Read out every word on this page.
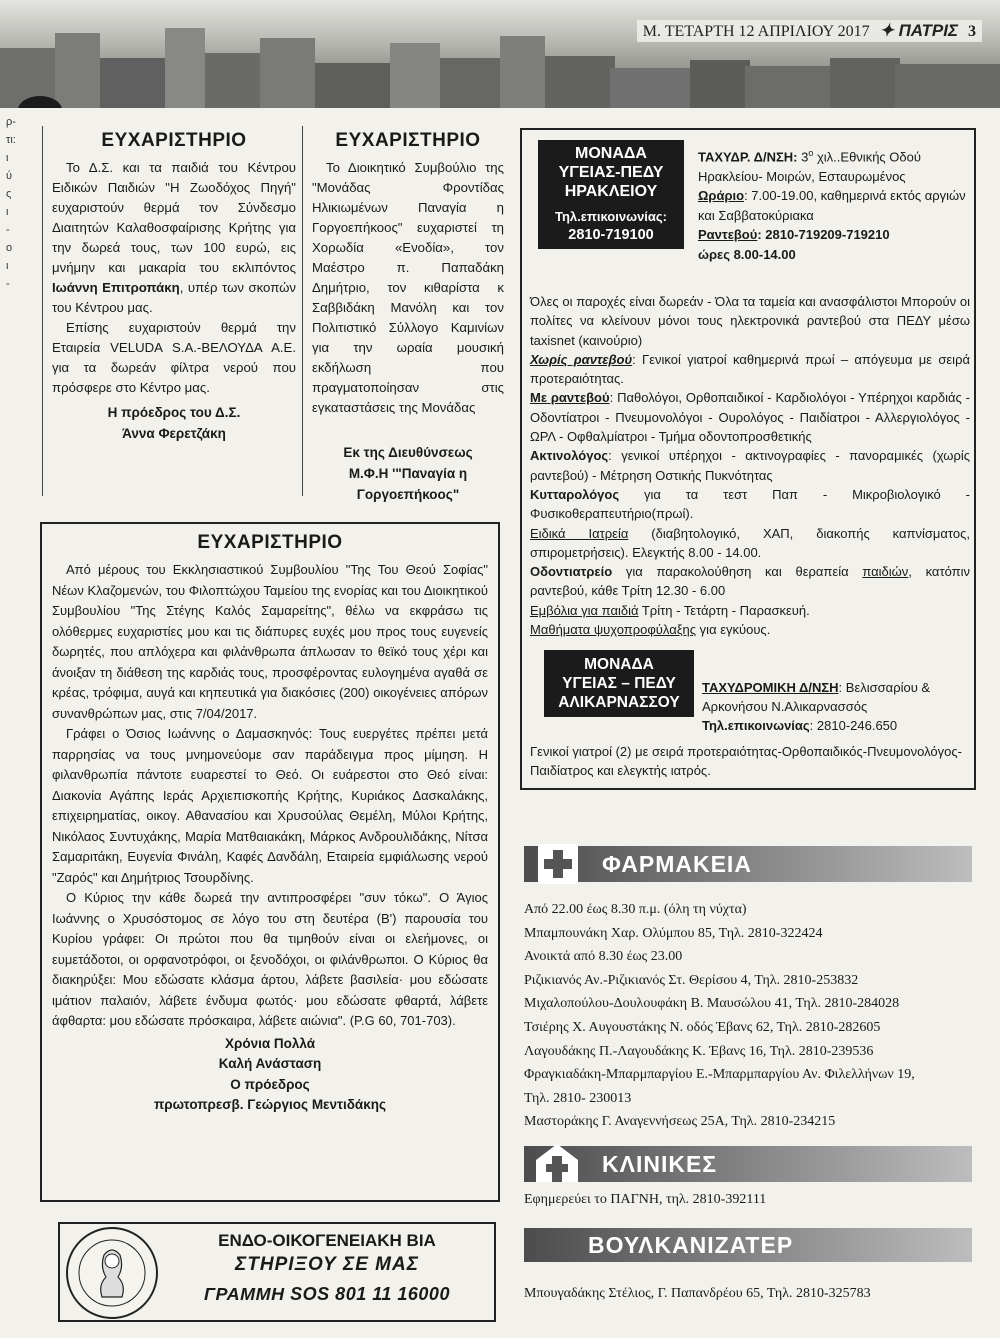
Μ. ΤΕΤΑΡΤΗ 12 ΑΠΡΙΛΙΟΥ 2017 ✦ ΠΑΤΡΙΣ 3
ρ-
τι:
ι
ύ
ς
ι
-
ο
ι
-
ΕΥΧΑΡΙΣΤΗΡΙΟ

Το Δ.Σ. και τα παιδιά του Κέντρου Ειδικών Παιδιών "Η Ζωοδόχος Πηγή" ευχαριστούν θερμά τον Σύνδεσμο Διαιτητών Καλαθοσφαίρισης Κρήτης για την δωρεά τους, των 100 ευρώ, εις μνήμην και μακαρία του εκλιπόντος Ιωάννη Επιτροπάκη, υπέρ των σκοπών του Κέντρου μας.

Επίσης ευχαριστούν θερμά την Εταιρεία VELUDA S.A.-ΒΕΛΟΥΔΑ Α.Ε. για τα δωρεάν φίλτρα νερού που πρόσφερε στο Κέντρο μας.

Η πρόεδρος του Δ.Σ.
Άννα Φερετζάκη
ΕΥΧΑΡΙΣΤΗΡΙΟ

Το Διοικητικό Συμβούλιο της "Μονάδας Φροντίδας Ηλικιωμένων Παναγία η Γοργοεπήκοος" ευχαριστεί τη Χορωδία «Ενοδία», τον Μαέστρο π. Παπαδάκη Δημήτριο, τον κιθαρίστα κ Σαββιδάκη Μανόλη και τον Πολιτιστικό Σύλλογο Καμινίων για την ωραία μουσική εκδήλωση που πραγματοποίησαν στις εγκαταστάσεις της Μονάδας

Εκ της Διευθύνσεως
Μ.Φ.Η '"Παναγία η
Γοργοεπήκοος"
ΕΥΧΑΡΙΣΤΗΡΙΟ

Από μέρους του Εκκλησιαστικού Συμβουλίου "Της Του Θεού Σοφίας" Νέων Κλαζομενών, του Φιλοπτώχου Ταμείου της ενορίας και του Διοικητικού Συμβουλίου "Της Στέγης Καλός Σαμαρείτης", θέλω να εκφράσω τις ολόθερμες ευχαριστίες μου και τις διάπυρες ευχές μου προς τους ευγενείς δωρητές, που απλόχερα και φιλάνθρωπα άπλωσαν το θεϊκό τους χέρι και άνοιξαν τη διάθεση της καρδιάς τους, προσφέροντας ευλογημένα αγαθά σε κρέας, τρόφιμα, αυγά και κηπευτικά για διακόσιες (200) οικογένειες απόρων συνανθρώπων μας, στις 7/04/2017.

Γράφει ο Όσιος Ιωάννης ο Δαμασκηνός: Τους ευεργέτες πρέπει μετά παρρησίας να τους μνημονεύομε σαν παράδειγμα προς μίμηση. Η φιλανθρωπία πάντοτε ευαρεστεί το Θεό. Οι ευάρεστοι στο Θεό είναι: Διακονία Αγάπης Ιεράς Αρχιεπισκοπής Κρήτης, Κυριάκος Δασκαλάκης, επιχειρηματίας, οικογ. Αθανασίου και Χρυσούλας Θεμέλη, Μύλοι Κρήτης, Νικόλαος Συντυχάκης, Μαρία Ματθαιακάκη, Μάρκος Ανδρουλιδάκης, Νίτσα Σαμαριτάκη, Ευγενία Φινάλη, Καφές Δανδάλη, Εταιρεία εμφιάλωσης νερού "Ζαρός" και Δημήτριος Τσουρδίνης.

Ο Κύριος την κάθε δωρεά την αντιπροσφέρει "συν τόκω". Ο Άγιος Ιωάννης ο Χρυσόστομος σε λόγο του στη δευτέρα (Β') παρουσία του Κυρίου γράφει: Οι πρώτοι που θα τιμηθούν είναι οι ελεήμονες, οι ευμετάδοτοι, οι ορφανοτρόφοι, οι ξενοδόχοι, οι φιλάνθρωποι. Ο Κύριος θα διακηρύξει: Μου εδώσατε κλάσμα άρτου, λάβετε βασιλεία· μου εδώσατε ιμάτιον παλαιόν, λάβετε ένδυμα φωτός· μου εδώσατε φθαρτά, λάβετε άφθαρτα: μου εδώσατε πρόσκαιρα, λάβετε αιώνια". (P.G 60, 701-703).

Χρόνια Πολλά
Καλή Ανάσταση
Ο πρόεδρος
πρωτοπρεσβ. Γεώργιος Μεντιδάκης
ΕΝΔΟ-ΟΙΚΟΓΕΝΕΙΑΚΗ ΒΙΑ
ΣΤΗΡΙΞΟΥ ΣΕ ΜΑΣ
ΓΡΑΜΜΗ SOS 801 11 16000
ΜΟΝΑΔΑ
ΥΓΕΙΑΣ-ΠΕΔΥ
ΗΡΑΚΛΕΙΟΥ
Τηλ.επικοινωνίας:
2810-719100
ΤΑΧΥΔΡ. Δ/ΝΣΗ: $3^o$ χιλ..Εθνικής Οδού Ηρακλείου- Μοιρών, Εσταυρωμένος
Ωράριο: 7.00-19.00, καθημερινά εκτός αργιών και Σαββατοκύριακα
Ραντεβού: 2810-719209-719210
ώρες 8.00-14.00
Όλες οι παροχές είναι δωρεάν - Όλα τα ταμεία και ανασφάλιστοι Μπορούν οι πολίτες να κλείνουν μόνοι τους ηλεκτρονικά ραντεβού στα ΠΕΔΥ μέσω taxisnet (καινούριο)
Χωρίς ραντεβού: Γενικοί γιατροί καθημερινά πρωί – απόγευμα με σειρά προτεραιότητας.
Με ραντεβού: Παθολόγοι, Ορθοπαιδικοί - Καρδιολόγοι - Υπέρηχοι καρδιάς - Οδοντίατροι - Πνευμονολόγοι - Ουρολόγος - Παιδίατροι - Αλλεργιολόγος - ΩΡΛ - Οφθαλμίατροι - Τμήμα οδοντοπροσθετικής
Ακτινολόγος: γενικοί υπέρηχοι - ακτινογραφίες - πανοραμικές (χωρίς ραντεβού) - Μέτρηση Οστικής Πυκνότητας
Κυτταρολόγος για τα τεστ Παπ - Μικροβιολογικό - Φυσικοθεραπευτήριο(πρωί).
Ειδικά Ιατρεία (διαβητολογικό, ΧΑΠ, διακοπής καπνίσματος, σπιρομετρήσεις). Ελεγκτής 8.00 - 14.00.
Οδοντιατρείο για παρακολούθηση και θεραπεία παιδιών, κατόπιν ραντεβού, κάθε Τρίτη 12.30 - 6.00
Εμβόλια για παιδιά Τρίτη - Τετάρτη - Παρασκευή.
Μαθήματα ψυχοπροφύλαξης για εγκύους.
ΜΟΝΑΔΑ
ΥΓΕΙΑΣ – ΠΕΔΥ
ΑΛΙΚΑΡΝΑΣΣΟΥ
ΤΑΧΥΔΡΟΜΙΚΗ Δ/ΝΣΗ: Βελισσαρίου & Αρκονήσου Ν.Αλικαρνασσός
Τηλ.επικοινωνίας: 2810-246.650
Γενικοί γιατροί (2) με σειρά προτεραιότητας-Ορθοπαιδικός-Πνευμονολόγος-Παιδίατρος και ελεγκτής ιατρός.
ΦΑΡΜΑΚΕΙΑ
Από 22.00 έως 8.30 π.μ. (όλη τη νύχτα)
Μπαμπουνάκη Χαρ. Ολύμπου 85, Τηλ. 2810-322424
Ανοικτά από 8.30 έως 23.00
Ριζικιανός Αν.-Ριζικιανός Στ. Θερίσου 4, Τηλ. 2810-253832
Μιχαλοπούλου-Δουλουφάκη Β. Μαυσώλου 41, Τηλ. 2810-284028
Τσιέρης Χ. Αυγουστάκης Ν. οδός Έβανς 62, Τηλ. 2810-282605
Λαγουδάκης Π.-Λαγουδάκης Κ. Έβανς 16, Τηλ. 2810-239536
Φραγκιαδάκη-Μπαρμπαργίου Ε.-Μπαρμπαργίου Αν. Φιλελλήνων 19,
Τηλ. 2810- 230013
Μαστοράκης Γ. Αναγεννήσεως 25Α, Τηλ. 2810-234215
ΚΛΙΝΙΚΕΣ
Εφημερεύει το ΠΑΓΝΗ, τηλ. 2810-392111
ΒΟΥΛΚΑΝΙΖΑΤΕΡ
Μπουγαδάκης Στέλιος, Γ. Παπανδρέου 65, Τηλ. 2810-325783
